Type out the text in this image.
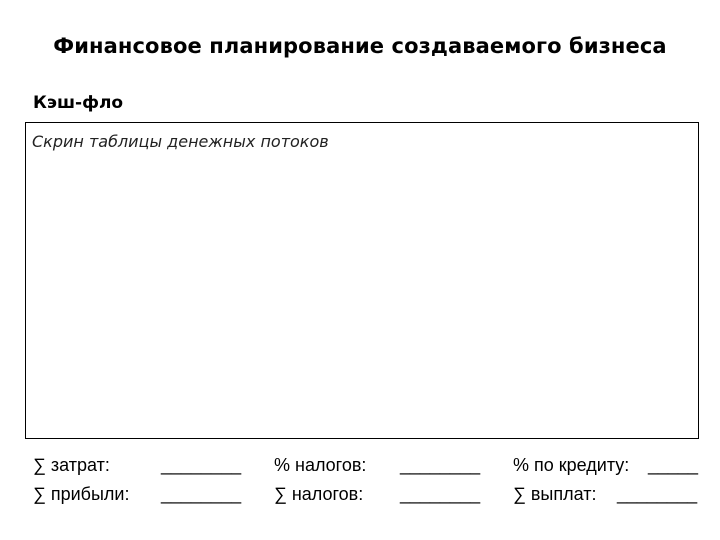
Финансовое планирование создаваемого бизнеса
Кэш-фло
Скрин таблицы денежных потоков
∑ затрат:	________
∑ прибыли: ________
% налогов: ________
∑ налогов: ________
% по кредиту: _____
∑ выплат: ________
